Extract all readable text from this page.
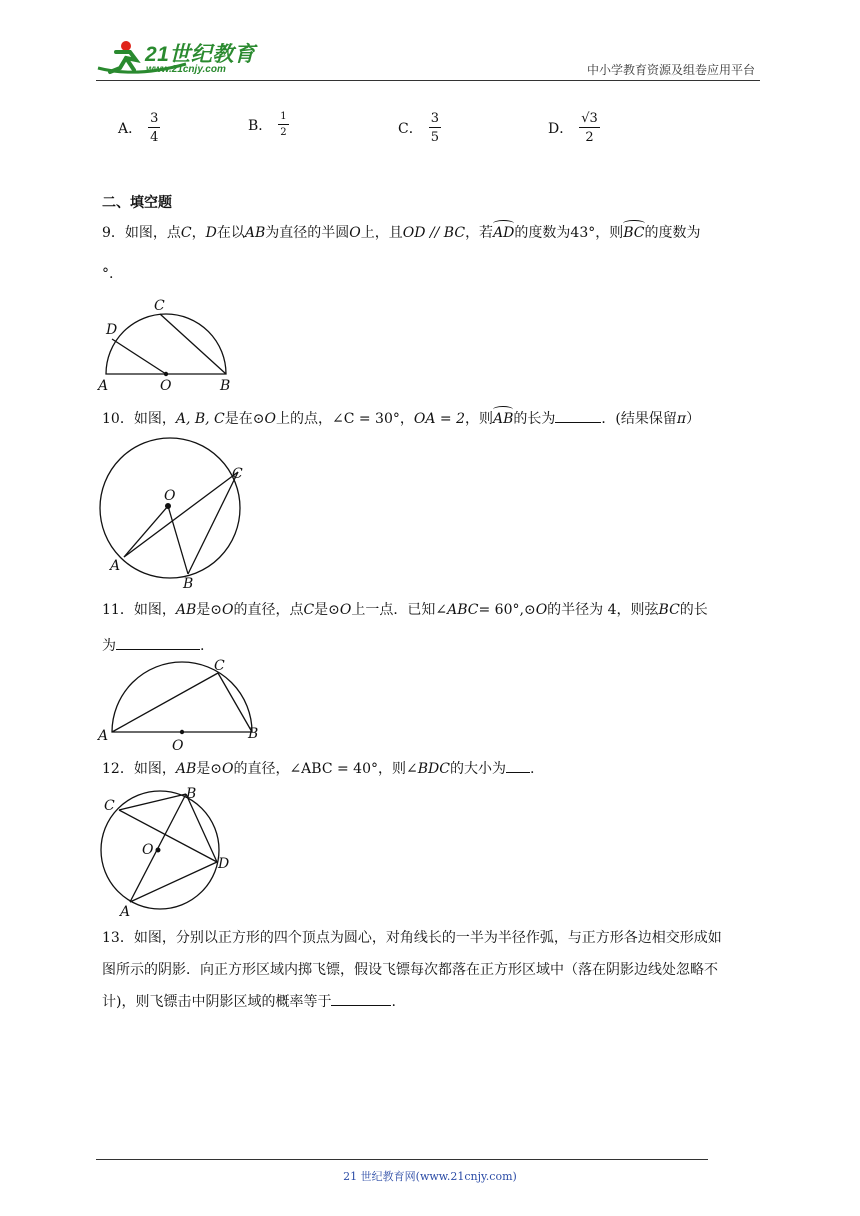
21世纪教育
www.21cnjy.com	中小学教育资源及组卷应用平台
A． $\frac{3}{4}$	B． $\frac{1}{2}$	C． $\frac{3}{5}$	D． $\frac{√3}{2}$
二、填空题
9．如图，点C，D在以AB为直径的半圆O上，且OD // BC，若AD的度数为43°，则BC的度数为
°.
A	O	B
C
D
10．如图，A, B, C是在⊙O上的点，∠C = 30°，OA = 2，则AB的长为	．(结果保留π）
O
C
A
B
11．如图，AB是⊙O的直径，点C是⊙O上一点．已知∠ABC= 60°,⊙O的半径为 4，则弦BC的长
为	.
C
A
O
B
12．如图，AB是⊙O的直径，∠ABC = 40°，则∠BDC的大小为 .
C
B
O
D
A
13．如图，分别以正方形的四个顶点为圆心，对角线长的一半为半径作弧，与正方形各边相交形成如
图所示的阴影．向正方形区域内掷飞镖，假设飞镖每次都落在正方形区域中（落在阴影边线处忽略不
计)，则飞镖击中阴影区域的概率等于	.
21 世纪教育网(www.21cnjy.com)
